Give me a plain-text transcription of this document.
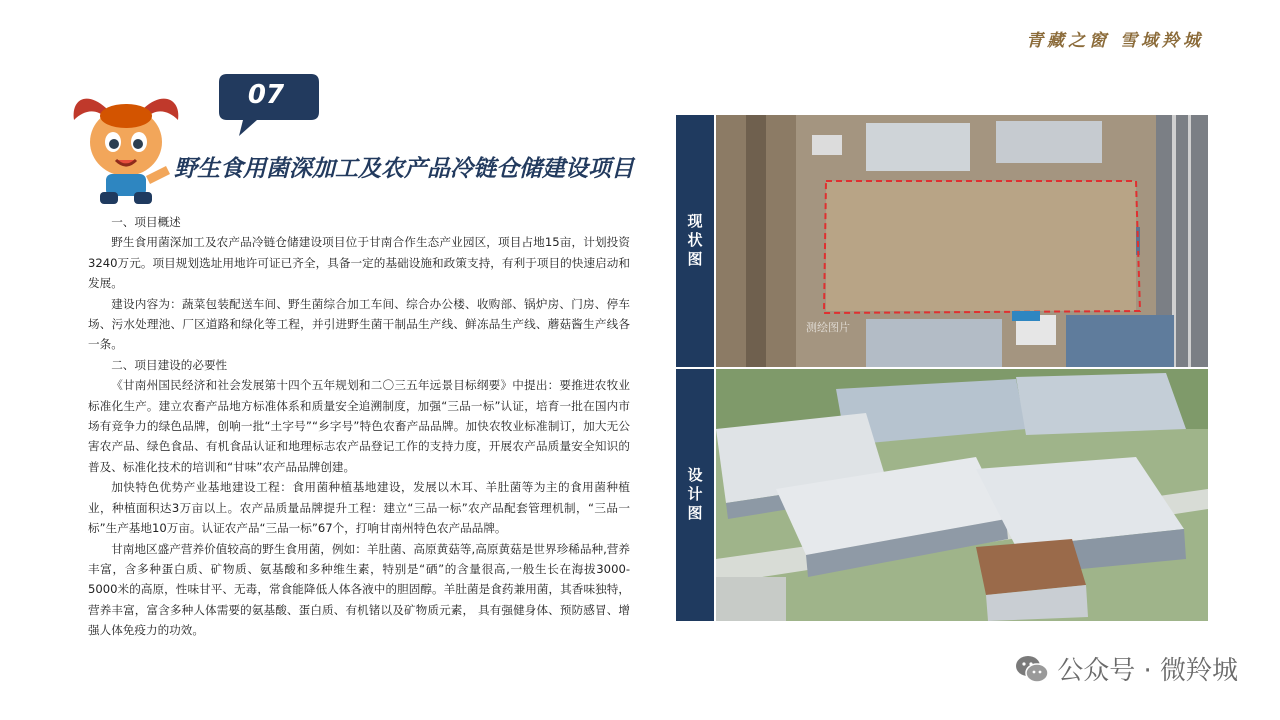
青藏之窗 雪域羚城
07
野生食用菌深加工及农产品冷链仓储建设项目

一、项目概述

野生食用菌深加工及农产品冷链仓储建设项目位于甘南合作生态产业园区，项目占地15亩，计划投资3240万元。项目规划选址用地许可证已齐全，具备一定的基础设施和政策支持，有利于项目的快速启动和发展。

建设内容为：蔬菜包装配送车间、野生菌综合加工车间、综合办公楼、收购部、锅炉房、门房、停车场、污水处理池、厂区道路和绿化等工程，并引进野生菌干制品生产线、鲜冻品生产线、蘑菇酱生产线各一条。

二、项目建设的必要性

《甘南州国民经济和社会发展第十四个五年规划和二〇三五年远景目标纲要》中提出：要推进农牧业标准化生产。建立农畜产品地方标准体系和质量安全追溯制度，加强“三品一标”认证，培育一批在国内市场有竞争力的绿色品牌，创响一批“土字号”“乡字号”特色农畜产品品牌。加快农牧业标准制订，加大无公害农产品、绿色食品、有机食品认证和地理标志农产品登记工作的支持力度，开展农产品质量安全知识的普及、标准化技术的培训和“甘味”农产品品牌创建。

加快特色优势产业基地建设工程：食用菌种植基地建设，发展以木耳、羊肚菌等为主的食用菌种植业，种植面积达3万亩以上。农产品质量品牌提升工程：建立“三品一标”农产品配套管理机制，“三品一标”生产基地10万亩。认证农产品“三品一标”67个，打响甘南州特色农产品品牌。

甘南地区盛产营养价值较高的野生食用菌，例如：羊肚菌、高原黄菇等,高原黄菇是世界珍稀品种,营养丰富，含多种蛋白质、矿物质、氨基酸和多种维生素，特别是“硒”的含量很高,一般生长在海拔3000-5000米的高原，性味甘平、无毒，常食能降低人体各液中的胆固醇。羊肚菌是食药兼用菌，其香味独特，营养丰富，富含多种人体需要的氨基酸、蛋白质、有机锗以及矿物质元素， 具有强健身体、预防感冒、增强人体免疫力的功效。

现状图
测绘图片
设计图
公众号 · 微羚城
